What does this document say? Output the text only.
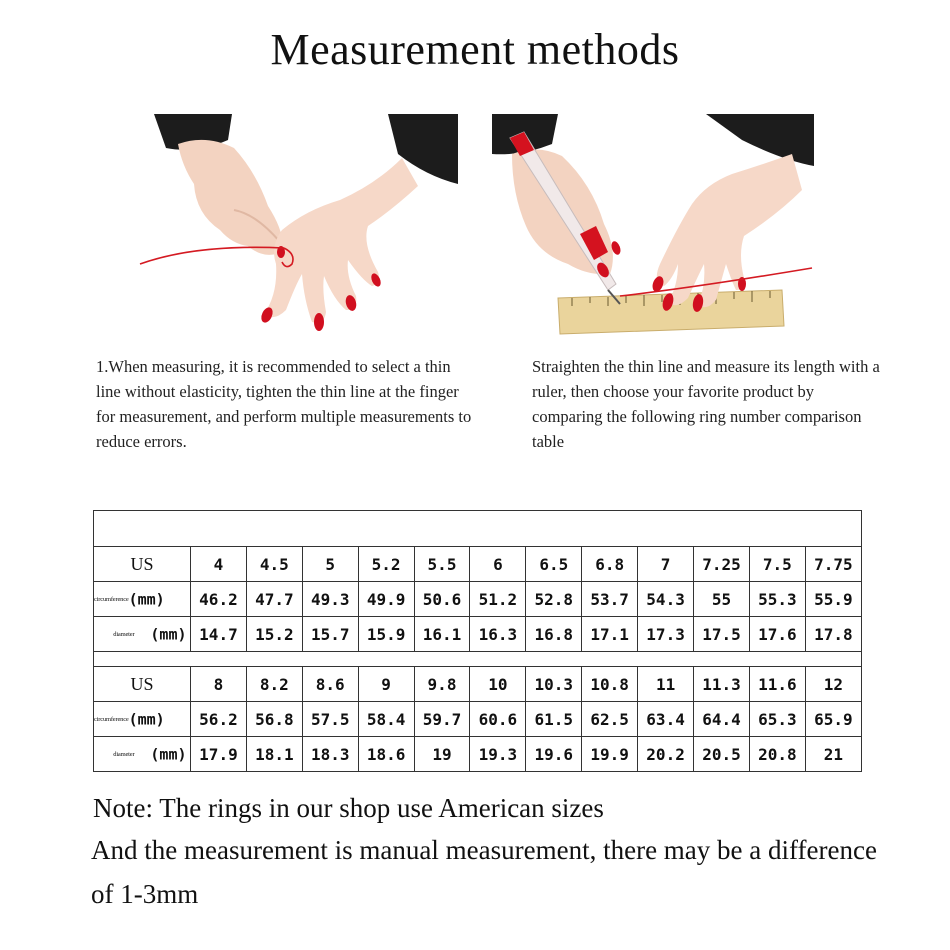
Measurement methods
1.When measuring, it is recommended to select a thin line without elasticity, tighten the thin line at the finger for measurement, and perform multiple measurements to reduce errors.
Straighten the thin line and measure its length with a ruler, then choose your favorite product by comparing the following ring number comparison table

US	4	4.5	5	5.2	5.5	6	6.5	6.8	7	7.25	7.5	7.75
circumference(mm)	46.2	47.7	49.3	49.9	50.6	51.2	52.8	53.7	54.3	55	55.3	55.9
diameter (mm)	14.7	15.2	15.7	15.9	16.1	16.3	16.8	17.1	17.3	17.5	17.6	17.8

US	8	8.2	8.6	9	9.8	10	10.3	10.8	11	11.3	11.6	12
circumference(mm)	56.2	56.8	57.5	58.4	59.7	60.6	61.5	62.5	63.4	64.4	65.3	65.9
diameter (mm)	17.9	18.1	18.3	18.6	19	19.3	19.6	19.9	20.2	20.5	20.8	21
Note: The rings in our shop use American sizes
And the measurement is manual measurement, there may be a difference
of 1-3mm
